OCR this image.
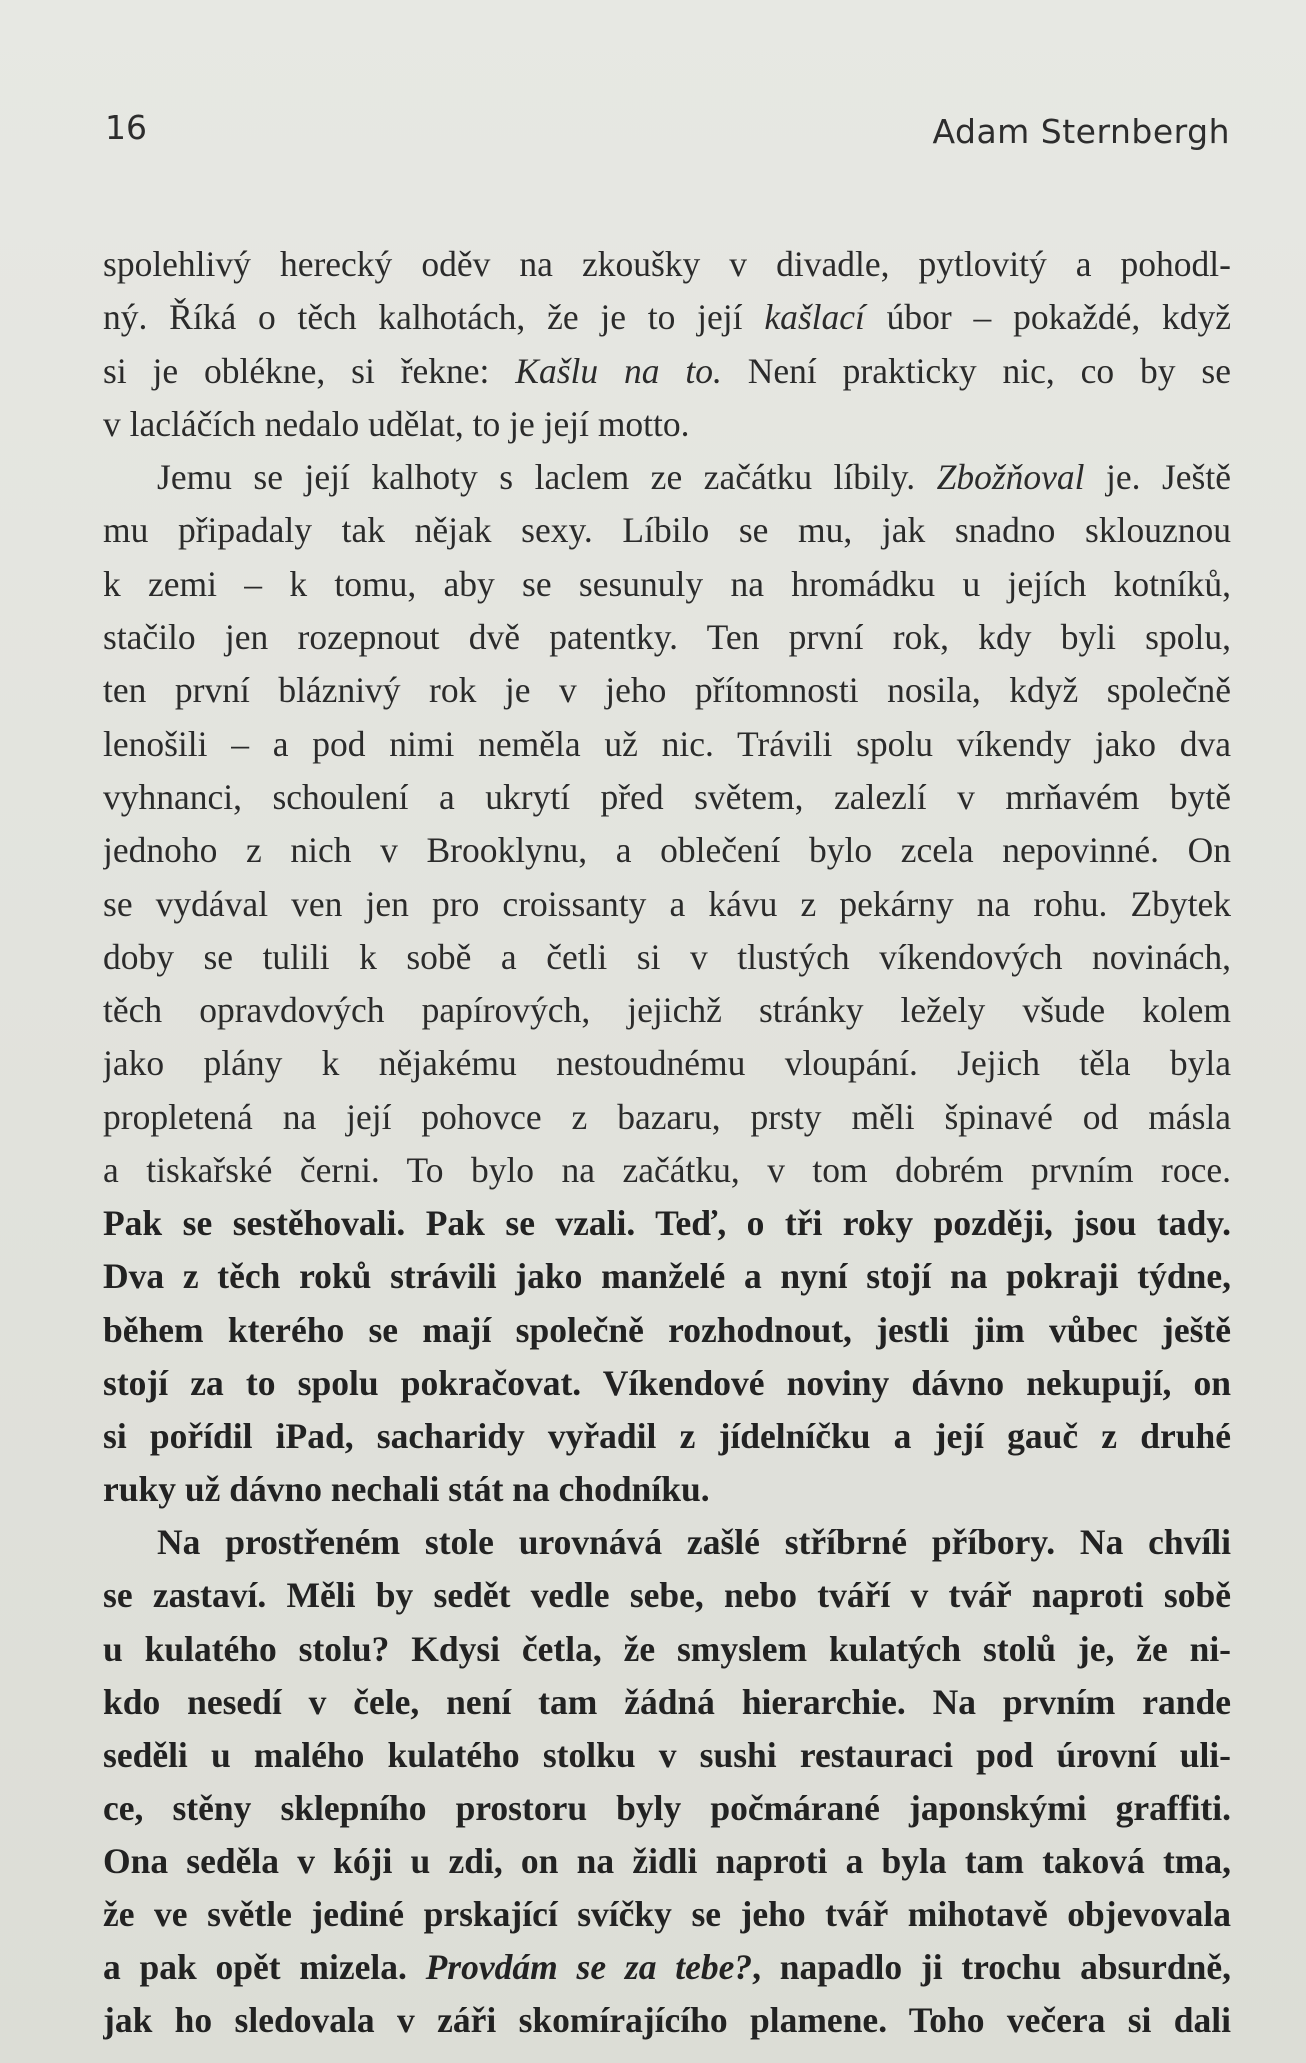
16	Adam Sternbergh
spolehlivý herecký oděv na zkoušky v divadle, pytlovitý a pohodl-
ný. Říká o těch kalhotách, že je to její kašlací úbor – pokaždé, když
si je oblékne, si řekne: Kašlu na to. Není prakticky nic, co by se
v lacláčích nedalo udělat, to je její motto.
Jemu se její kalhoty s laclem ze začátku líbily. Zbožňoval je. Ještě
mu připadaly tak nějak sexy. Líbilo se mu, jak snadno sklouznou
k zemi – k tomu, aby se sesunuly na hromádku u jejích kotníků,
stačilo jen rozepnout dvě patentky. Ten první rok, kdy byli spolu,
ten první bláznivý rok je v jeho přítomnosti nosila, když společně
lenošili – a pod nimi neměla už nic. Trávili spolu víkendy jako dva
vyhnanci, schoulení a ukrytí před světem, zalezlí v mrňavém bytě
jednoho z nich v Brooklynu, a oblečení bylo zcela nepovinné. On
se vydával ven jen pro croissanty a kávu z pekárny na rohu. Zbytek
doby se tulili k sobě a četli si v tlustých víkendových novinách,
těch opravdových papírových, jejichž stránky ležely všude kolem
jako plány k nějakému nestoudnému vloupání. Jejich těla byla
propletená na její pohovce z bazaru, prsty měli špinavé od másla
a tiskařské černi. To bylo na začátku, v tom dobrém prvním roce.
Pak se sestěhovali. Pak se vzali. Teď, o tři roky později, jsou tady.
Dva z těch roků strávili jako manželé a nyní stojí na pokraji týdne,
během kterého se mají společně rozhodnout, jestli jim vůbec ještě
stojí za to spolu pokračovat. Víkendové noviny dávno nekupují, on
si pořídil iPad, sacharidy vyřadil z jídelníčku a její gauč z druhé
ruky už dávno nechali stát na chodníku.
Na prostřeném stole urovnává zašlé stříbrné příbory. Na chvíli
se zastaví. Měli by sedět vedle sebe, nebo tváří v tvář naproti sobě
u kulatého stolu? Kdysi četla, že smyslem kulatých stolů je, že ni-
kdo nesedí v čele, není tam žádná hierarchie. Na prvním rande
seděli u malého kulatého stolku v sushi restauraci pod úrovní uli-
ce, stěny sklepního prostoru byly počmárané japonskými graffiti.
Ona seděla v kóji u zdi, on na židli naproti a byla tam taková tma,
že ve světle jediné prskající svíčky se jeho tvář mihotavě objevovala
a pak opět mizela. Provdám se za tebe?, napadlo ji trochu absurdně,
jak ho sledovala v záři skomírajícího plamene. Toho večera si dali
